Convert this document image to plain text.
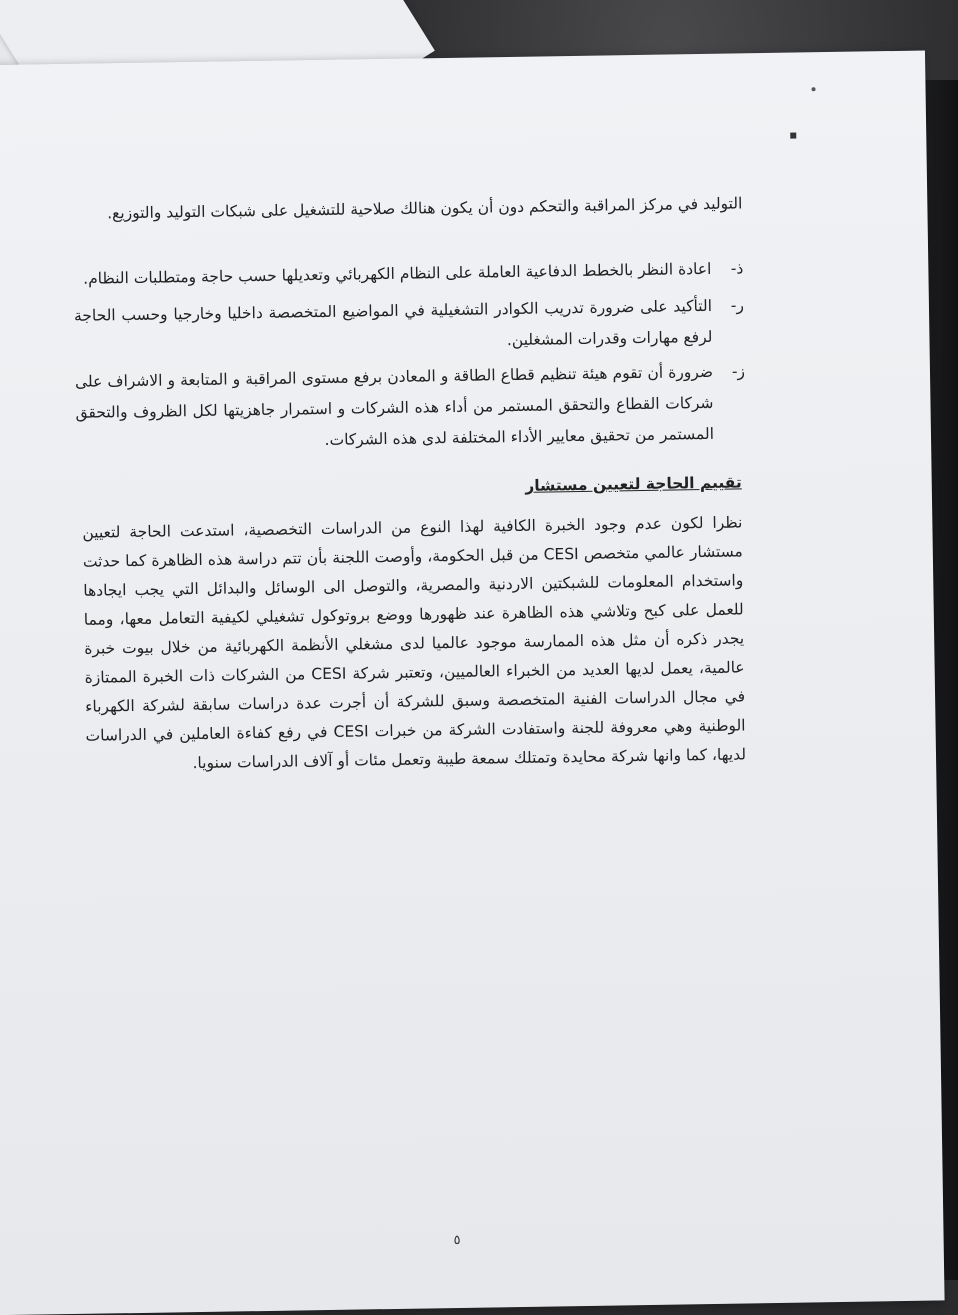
التوليد في مركز المراقبة والتحكم دون أن يكون هنالك صلاحية للتشغيل على شبكات التوليد والتوزيع.
ذ-
اعادة النظر بالخطط الدفاعية العاملة على النظام الكهربائي وتعديلها حسب حاجة ومتطلبات النظام.
ر-
التأكيد على ضرورة تدريب الكوادر التشغيلية في المواضيع المتخصصة داخليا وخارجيا وحسب الحاجة لرفع مهارات وقدرات المشغلين.
ز-
ضرورة أن تقوم هيئة تنظيم قطاع الطاقة و المعادن برفع مستوى المراقبة و المتابعة و الاشراف على شركات القطاع والتحقق المستمر من أداء هذه الشركات و استمرار جاهزيتها لكل الظروف والتحقق المستمر من تحقيق معايير الأداء المختلفة لدى هذه الشركات.
تقييم الحاجة لتعيين مستشار
نظرا لكون عدم وجود الخبرة الكافية لهذا النوع من الدراسات التخصصية، استدعت الحاجة لتعيين مستشار عالمي متخصص CESI من قبل الحكومة، وأوصت اللجنة بأن تتم دراسة هذه الظاهرة كما حدثت واستخدام المعلومات للشبكتين الاردنية والمصرية، والتوصل الى الوسائل والبدائل التي يجب ايجادها للعمل على كبح وتلاشي هذه الظاهرة عند ظهورها ووضع بروتوكول تشغيلي لكيفية التعامل معها، ومما يجدر ذكره أن مثل هذه الممارسة موجود عالميا لدى مشغلي الأنظمة الكهربائية من خلال بيوت خبرة عالمية، يعمل لديها العديد من الخبراء العالميين، وتعتبر شركة CESI من الشركات ذات الخبرة الممتازة في مجال الدراسات الفنية المتخصصة وسبق للشركة أن أجرت عدة دراسات سابقة لشركة الكهرباء الوطنية وهي معروفة للجنة واستفادت الشركة من خبرات CESI في رفع كفاءة العاملين في الدراسات لديها، كما وانها شركة محايدة وتمتلك سمعة طيبة وتعمل مئات أو آلاف الدراسات سنويا.
٥
